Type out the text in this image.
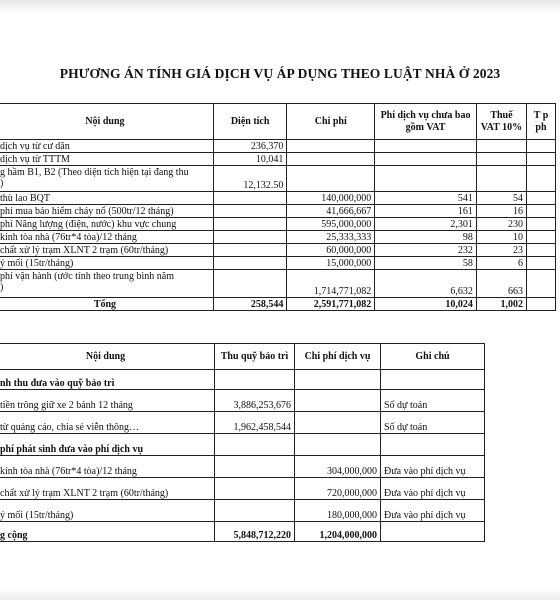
PHƯƠNG ÁN TÍNH GIÁ DỊCH VỤ ÁP DỤNG THEO LUẬT NHÀ Ở 2023
Nội dung	Diện tích	Chi phí	Phí dịch vụ chưa bao gồm VAT	Thuế VAT 10%	T p ph
dịch vụ từ cư dân	236,370				
dịch vụ từ TTTM	10,041				
g hầm B1, B2 (Theo diện tích hiện tại đang thu
)	12,132.50				
thù lao BQT		140,000,000	541	54	
phí mua bảo hiểm cháy nổ (500tr/12 tháng)		41,666,667	161	16	
phí Năng lượng (điện, nước) khu vực chung		595,000,000	2,301	230	
kính tòa nhà (76tr*4 tòa)/12 tháng		25,333,333	98	10	
chất xử lý trạm XLNT 2 trạm (60tr/tháng)		60,000,000	232	23	
ý mối (15tr/tháng)		15,000,000	58	6	
phí vận hành (ước tính theo trung bình năm
)		1,714,771,082	6,632	663	
Tổng	258,544	2,591,771,082	10,024	1,002	
Nội dung	Thu quỹ bảo trì	Chi phí dịch vụ	Ghi chú
nh thu đưa vào quỹ bảo trì			
tiền trông giữ xe 2 bánh 12 tháng	3,886,253,676		Số dự toán
từ quảng cáo, chia sẻ viễn thông…	1,962,458,544		Số dự toán
phí phát sinh đưa vào phí dịch vụ			
kính tòa nhà (76tr*4 tòa)/12 tháng		304,000,000	Đưa vào phí dịch vụ
chất xử lý trạm XLNT 2 trạm (60tr/tháng)		720,000,000	Đưa vào phí dịch vụ
ý mối (15tr/tháng)		180,000,000	Đưa vào phí dịch vụ
g cộng	5,848,712,220	1,204,000,000	
